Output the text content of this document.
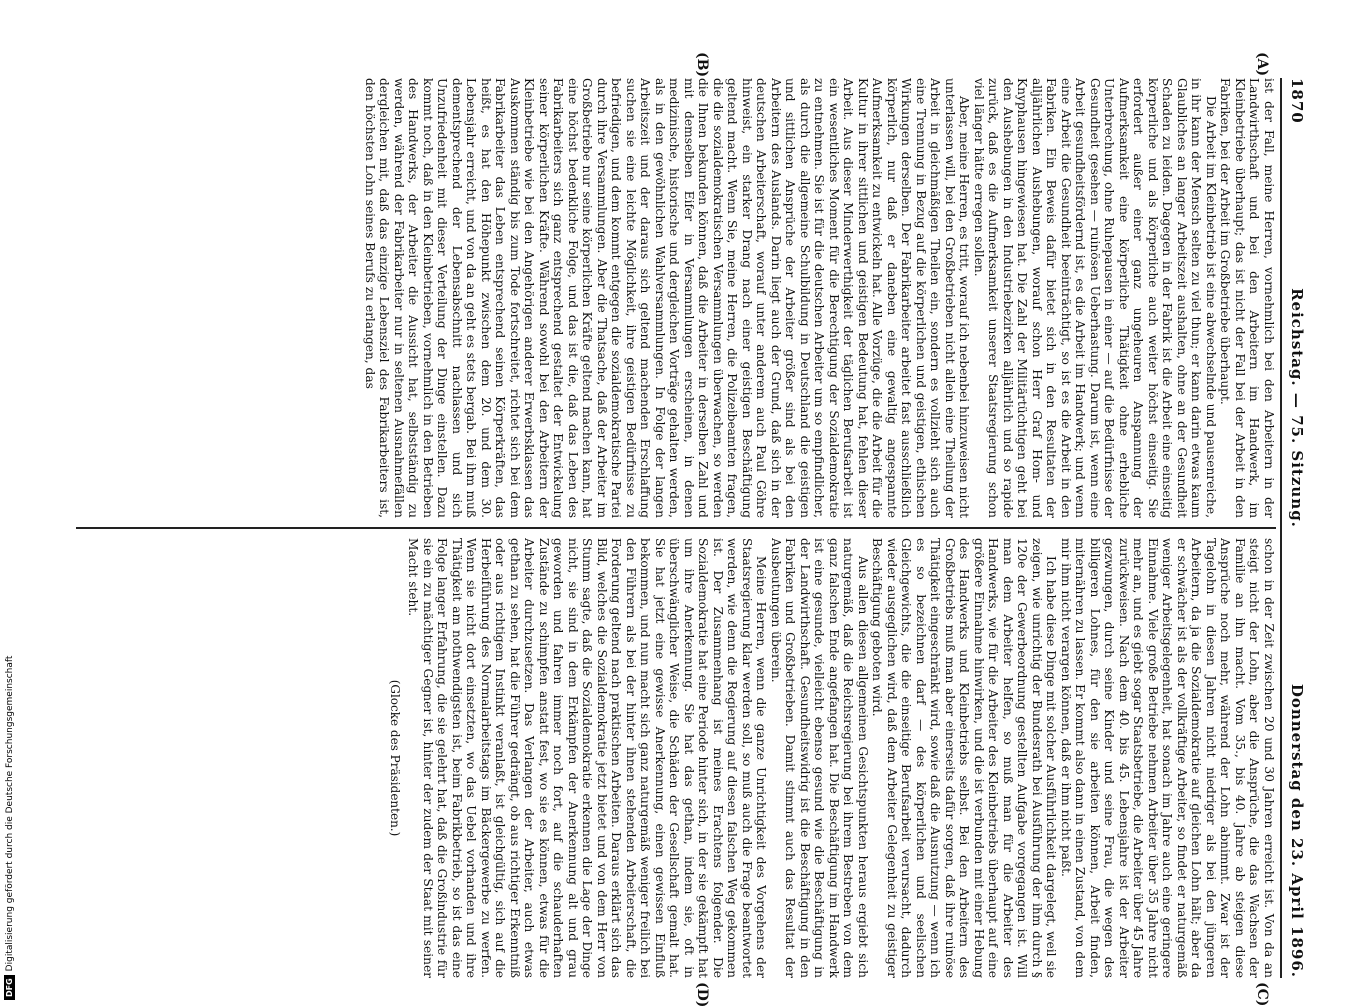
1870
Reichstag. — 75. Sitzung.
Donnerstag den 23. April 1896.
(A)
(B)
(C)
(D)

ist der Fall, meine Herren, vornehmlich bei den Arbeitern in der Landwirthschaft und bei den Arbeitern im Handwerk, im Kleinbetriebe überhaupt; das ist nicht der Fall bei der Arbeit in den Fabriken, bei der Arbeit im Großbetriebe überhaupt.

Die Arbeit im Kleinbetrieb ist eine abwechselnde und pausenreiche, in ihr kann der Mensch selten zu viel thun; er kann darin etwas kaum Glaubliches an langer Arbeitszeit aushalten, ohne an der Gesundheit Schaden zu leiden. Dagegen in der Fabrik ist die Arbeit eine einseitig körperliche und als körperliche auch weiter höchst einseitig. Sie erfordert außer einer ganz ungeheuren Anspannung der Aufmerksamkeit eine körperliche Thätigkeit ohne erhebliche Unterbrechung, ohne Ruhepausen in einer — auf die Bedürfnisse der Gesundheit gesehen — ruinösen Ueberhastung. Darum ist, wenn eine Arbeit gesundheitsfördernd ist, es die Arbeit im Handwerk; und wenn eine Arbeit die Gesundheit beeinträchtigt, so ist es die Arbeit in den Fabriken. Ein Beweis dafür bietet sich in den Resultaten der alljährlichen Aushebungen, worauf schon Herr Graf Hom- und Knyphausen hingewiesen hat. Die Zahl der Militärtüchtigen geht bei den Aushebungen in den Industriebezirken alljährlich und so rapide zurück, daß es die Aufmerksamkeit unserer Staatsregierung schon viel länger hätte erregen sollen.

Aber, meine Herren, es tritt, worauf ich nebenbei hinzuweisen nicht unterlassen will, bei den Großbetrieben nicht allein eine Theilung der Arbeit in gleichmäßigen Theilen ein, sondern es vollzieht sich auch eine Trennung in Bezug auf die körperlichen und geistigen, ethischen Wirkungen derselben. Der Fabrikarbeiter arbeitet fast ausschließlich körperlich, nur daß er daneben eine gewaltig angespannte Aufmerksamkeit zu entwickeln hat. Alle Vorzüge, die die Arbeit für die Kultur in ihrer sittlichen und geistigen Bedeutung hat, fehlen dieser Arbeit. Aus dieser Minderwerthigkeit der täglichen Berufsarbeit ist ein wesentliches Moment für die Berechtigung der Sozialdemokratie zu entnehmen. Sie ist für die deutschen Arbeiter um so empfindlicher, als durch die allgemeine Schulbildung in Deutschland die geistigen und sittlichen Ansprüche der Arbeiter größer sind als bei den Arbeitern des Auslands. Darin liegt auch der Grund, daß sich in der deutschen Arbeiterschaft, worauf unter anderem auch Paul Göhre hinweist, ein starker Drang nach einer geistigen Beschäftigung geltend macht. Wenn Sie, meine Herren, die Polizeibeamten fragen, die die sozialdemokratischen Versammlungen überwachen, so werden die Ihnen bekunden können, daß die Arbeiter in derselben Zahl und mit demselben Eifer in Versammlungen erscheinen, in denen medizinische, historische und dergleichen Vorträge gehalten werden, als in den gewöhnlichen Wahlversammlungen. In Folge der langen Arbeitszeit und der daraus sich geltend machenden Erschlaffung suchen sie eine leichte Möglichkeit, ihre geistigen Bedürfnisse zu befriedigen, und dem kommt entgegen die sozialdemokratische Partei durch ihre Versammlungen. Aber die Thatsache, daß der Arbeiter im Großbetriebe nur seine körperlichen Kräfte geltend machen kann, hat eine höchst bedenkliche Folge, und das ist die, daß das Leben des Fabrikarbeiters sich ganz entsprechend gestaltet der Entwickelung seiner körperlichen Kräfte. Während sowohl bei den Arbeitern der Kleinbetriebe wie bei den Angehörigen anderer Erwerbsklassen das Auskommen ständig bis zum Tode fortschreitet, richtet sich bei dem Fabrikarbeiter das Leben entsprechend seinen Körperkräften, das heißt, es hat den Höhepunkt zwischen dem 20. und dem 30. Lebensjahr erreicht, und von da an geht es stets bergab. Bei ihm muß dementsprechend der Lebensabschnitt nachlassen und sich Unzufriedenheit mit dieser Verteilung der Dinge einstellen. Dazu kommt noch, daß in den Kleinbetrieben, vornehmlich in den Betrieben des Handwerks, der Arbeiter die Aussicht hat, selbstständig zu werden, während der Fabrikarbeiter nur in seltenen Ausnahmefällen dergleichen mit, daß das einzige Lebensziel des Fabrikarbeiters ist, den höchsten Lohn seines Berufs zu erlangen, das

schon in der Zeit zwischen 20 und 30 Jahren erreicht ist. Von da an steigt nicht der Lohn, aber die Ansprüche, die das Wachsen der Familie an ihn macht. Vom 35., bis 40. Jahre ab steigen diese Ansprüche noch mehr, während der Lohn abnimmt. Zwar ist der Tagelohn in diesen Jahren nicht niedriger als bei den jüngeren Arbeitern, da ja die Sozialdemokratie auf gleichen Lohn hält; aber da er schwächer ist als der vollkräftige Arbeiter, so findet er naturgemäß weniger Arbeitsgelegenheit, hat sonach im Jahre auch eine geringere Einnahme. Viele große Betriebe nehmen Arbeiter über 35 Jahre nicht mehr an, und es giebt sogar Staatsbetriebe, die Arbeiter über 45 Jahre zurückweisen. Nach dem 40. bis 45. Lebensjahre ist der Arbeiter gezwungen, durch seine Kinder und seine Frau, die wegen des billigeren Lohnes, für den sie arbeiten können, Arbeit finden, miternähren zu lassen. Er kommt also dann in einen Zustand, von dem mir ihm nicht verargen können, daß er ihm nicht paßt.

Ich habe diese Dinge mit solcher Ausführlichkeit dargelegt, weil sie zeigen, wie unrichtig der Bundesrath bei Ausführung der ihm durch § 120e der Gewerbeordnung gestellten Aufgabe vorgegangen ist. Will man dem Arbeiter helfen, so muß man für die Arbeiter des Handwerks, wie für die Arbeiter des Kleinbetriebs überhaupt auf eine größere Einnahme hinwirken, und die ist verbunden mit einer Hebung des Handwerks und Kleinbetriebs selbst. Bei den Arbeitern des Großbetriebs muß man aber einerseits dafür sorgen, daß ihre ruinöse Thätigkeit eingeschränkt wird, sowie daß die Ausnutzung — wenn ich es so bezeichnen darf — des körperlichen und seelischen Gleichgewichts, die die einseitige Berufsarbeit verursacht, dadurch wieder ausgeglichen wird, daß dem Arbeiter Gelegenheit zu geistiger Beschäftigung geboten wird.

Aus allen diesen allgemeinen Gesichtspunkten heraus ergiebt sich naturgemäß, daß die Reichsregierung bei ihrem Bestreben von dem ganz falschen Ende angefangen hat. Die Beschäftigung im Handwerk ist eine gesunde, vielleicht ebenso gesund wie die Beschäftigung in der Landwirthschaft. Gesundheitswidrig ist die Beschäftigung in den Fabriken und Großbetrieben. Damit stimmt auch das Resultat der Ausbeutungen überein.

Meine Herren, wenn die ganze Unrichtigkeit des Vorgehens der Staatsregierung klar werden soll, so muß auch die Frage beantwortet werden, wie denn die Regierung auf diesen falschen Weg gekommen ist. Der Zusammenhang ist meines Erachtens folgender. Die Sozialdemokratie hat eine Periode hinter sich, in der sie gekämpft hat um ihre Anerkennung. Sie hat das gethan, indem sie, oft in überschwänglicher Weise, die Schäden der Gesellschaft gemalt hat. Sie hat jetzt eine gewisse Anerkennung, einen gewissen Einfluß bekommen, und nun macht sich ganz naturgemäß weniger freilich bei den Führern als bei der hinter ihnen stehenden Arbeiterschaft, die Forderung geltend nach praktischen Arbeiten. Daraus erklärt sich das Bild, welches die Sozialdemokratie jetzt bietet und von dem Herr von Stumm sagte, daß die Sozialdemokratie erkennen die Lage der Dinge nicht, sie sind in dem Erkämpfen der Anerkennung alt und grau geworden und fahren immer noch fort, auf die schauderhaften Zustände zu schimpfen anstatt fest, wo sie es können, etwas für die Arbeiter durchzusetzen. Das Verlangen der Arbeiter, auch etwas gethan zu sehen, hat die Führer gedrängt, ob aus richtiger Erkenntniß oder aus richtigem Instinkt veranlaßt, ist gleichgültig, sich auf die Herbeiführung des Normalarbeitstags im Bäckergewerbe zu werfen. Wenn sie nicht dort einsetzten, wo das Uebel vorhanden und ihre Thätigkeit am nothwendigsten ist, beim Fabrikbetrieb, so ist das eine Folge langer Erfahrung, die sie gelehrt hat, daß die Großindustrie für sie ein zu mächtiger Gegner ist, hinter der zudem der Staat mit seiner Macht steht.

(Glocke des Präsidenten.)
DFG
Digitalisierung gefördert durch die Deutsche Forschungsgemeinschaft
